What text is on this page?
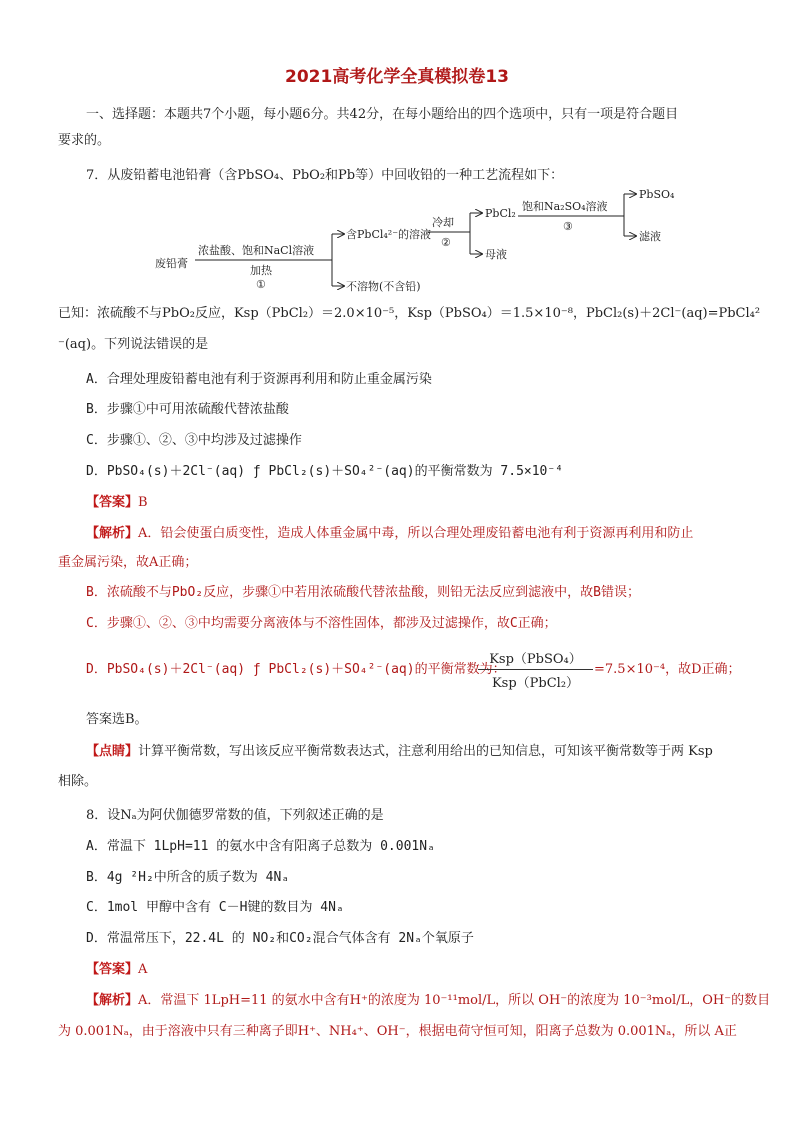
2021高考化学全真模拟卷13
一、选择题：本题共7个小题，每小题6分。共42分，在每小题给出的四个选项中，只有一项是符合题目
要求的。
7．从废铅蓄电池铅膏（含PbSO₄、PbO₂和Pb等）中回收铅的一种工艺流程如下：
废铅膏
浓盐酸、饱和NaCl溶液
加热
①
含PbCl₄²⁻的溶液
不溶物(不含铅)
冷却
②
PbCl₂
母液
饱和Na₂SO₄溶液
③
PbSO₄
滤液
已知：浓硫酸不与PbO₂反应，Ksp（PbCl₂）＝2.0×10⁻⁵，Ksp（PbSO₄）＝1.5×10⁻⁸，PbCl₂(s)＋2Cl⁻(aq)=PbCl₄²
⁻(aq)。下列说法错误的是
A．合理处理废铅蓄电池有利于资源再利用和防止重金属污染
B．步骤①中可用浓硫酸代替浓盐酸
C．步骤①、②、③中均涉及过滤操作
D．PbSO₄(s)＋2Cl⁻(aq) ƒ PbCl₂(s)＋SO₄²⁻(aq)的平衡常数为 7.5×10⁻⁴
【答案】B
【解析】A．铅会使蛋白质变性，造成人体重金属中毒，所以合理处理废铅蓄电池有利于资源再利用和防止
重金属污染，故A正确；
B．浓硫酸不与PbO₂反应，步骤①中若用浓硫酸代替浓盐酸，则铅无法反应到滤液中，故B错误；
C．步骤①、②、③中均需要分离液体与不溶性固体，都涉及过滤操作，故C正确；
D．PbSO₄(s)＋2Cl⁻(aq) ƒ PbCl₂(s)＋SO₄²⁻(aq)的平衡常数为：
Ksp（PbSO₄）
Ksp（PbCl₂）
=7.5×10⁻⁴，故D正确；
答案选B。
【点睛】计算平衡常数，写出该反应平衡常数表达式，注意利用给出的已知信息，可知该平衡常数等于两 Ksp
相除。
8．设Nₐ为阿伏伽德罗常数的值，下列叙述正确的是
A．常温下 1LpH=11 的氨水中含有阳离子总数为 0.001Nₐ
B．4g ²H₂中所含的质子数为 4Nₐ
C．1mol 甲醇中含有 C－H键的数目为 4Nₐ
D．常温常压下，22.4L 的 NO₂和CO₂混合气体含有 2Nₐ个氧原子
【答案】A
【解析】A．常温下 1LpH=11 的氨水中含有H⁺的浓度为 10⁻¹¹mol/L，所以 OH⁻的浓度为 10⁻³mol/L，OH⁻的数目
为 0.001Nₐ，由于溶液中只有三种离子即H⁺、NH₄⁺、OH⁻，根据电荷守恒可知，阳离子总数为 0.001Nₐ，所以 A正
